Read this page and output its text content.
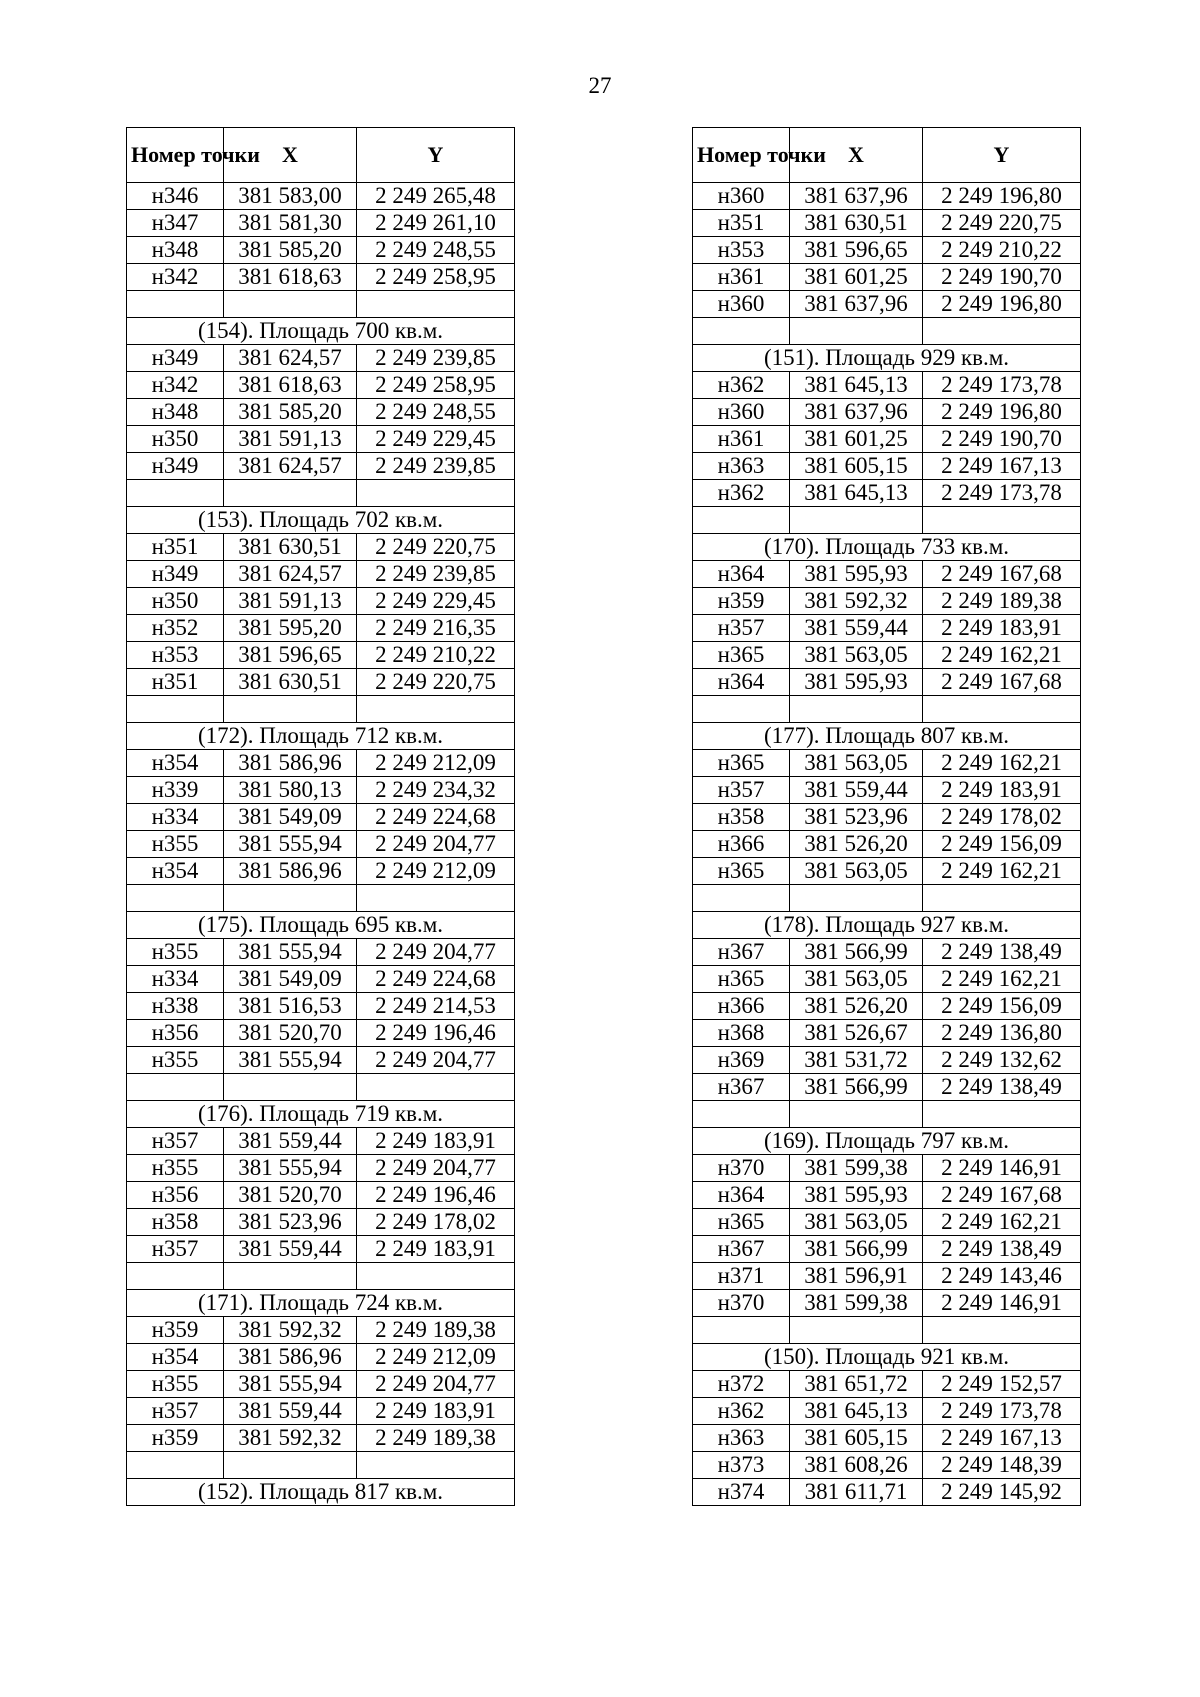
27
Номер точки	X	Y
н346	381 583,00	2 249 265,48
н347	381 581,30	2 249 261,10
н348	381 585,20	2 249 248,55
н342	381 618,63	2 249 258,95

(154). Площадь 700 кв.м.		
н349	381 624,57	2 249 239,85
н342	381 618,63	2 249 258,95
н348	381 585,20	2 249 248,55
н350	381 591,13	2 249 229,45
н349	381 624,57	2 249 239,85

(153). Площадь 702 кв.м.		
н351	381 630,51	2 249 220,75
н349	381 624,57	2 249 239,85
н350	381 591,13	2 249 229,45
н352	381 595,20	2 249 216,35
н353	381 596,65	2 249 210,22
н351	381 630,51	2 249 220,75

(172). Площадь 712 кв.м.		
н354	381 586,96	2 249 212,09
н339	381 580,13	2 249 234,32
н334	381 549,09	2 249 224,68
н355	381 555,94	2 249 204,77
н354	381 586,96	2 249 212,09

(175). Площадь 695 кв.м.		
н355	381 555,94	2 249 204,77
н334	381 549,09	2 249 224,68
н338	381 516,53	2 249 214,53
н356	381 520,70	2 249 196,46
н355	381 555,94	2 249 204,77

(176). Площадь 719 кв.м.		
н357	381 559,44	2 249 183,91
н355	381 555,94	2 249 204,77
н356	381 520,70	2 249 196,46
н358	381 523,96	2 249 178,02
н357	381 559,44	2 249 183,91

(171). Площадь 724 кв.м.		
н359	381 592,32	2 249 189,38
н354	381 586,96	2 249 212,09
н355	381 555,94	2 249 204,77
н357	381 559,44	2 249 183,91
н359	381 592,32	2 249 189,38

(152). Площадь 817 кв.м.		
Номер точки	X	Y
н360	381 637,96	2 249 196,80
н351	381 630,51	2 249 220,75
н353	381 596,65	2 249 210,22
н361	381 601,25	2 249 190,70
н360	381 637,96	2 249 196,80

(151). Площадь 929 кв.м.		
н362	381 645,13	2 249 173,78
н360	381 637,96	2 249 196,80
н361	381 601,25	2 249 190,70
н363	381 605,15	2 249 167,13
н362	381 645,13	2 249 173,78

(170). Площадь 733 кв.м.		
н364	381 595,93	2 249 167,68
н359	381 592,32	2 249 189,38
н357	381 559,44	2 249 183,91
н365	381 563,05	2 249 162,21
н364	381 595,93	2 249 167,68

(177). Площадь 807 кв.м.		
н365	381 563,05	2 249 162,21
н357	381 559,44	2 249 183,91
н358	381 523,96	2 249 178,02
н366	381 526,20	2 249 156,09
н365	381 563,05	2 249 162,21

(178). Площадь 927 кв.м.		
н367	381 566,99	2 249 138,49
н365	381 563,05	2 249 162,21
н366	381 526,20	2 249 156,09
н368	381 526,67	2 249 136,80
н369	381 531,72	2 249 132,62
н367	381 566,99	2 249 138,49

(169). Площадь 797 кв.м.		
н370	381 599,38	2 249 146,91
н364	381 595,93	2 249 167,68
н365	381 563,05	2 249 162,21
н367	381 566,99	2 249 138,49
н371	381 596,91	2 249 143,46
н370	381 599,38	2 249 146,91

(150). Площадь 921 кв.м.		
н372	381 651,72	2 249 152,57
н362	381 645,13	2 249 173,78
н363	381 605,15	2 249 167,13
н373	381 608,26	2 249 148,39
н374	381 611,71	2 249 145,92
